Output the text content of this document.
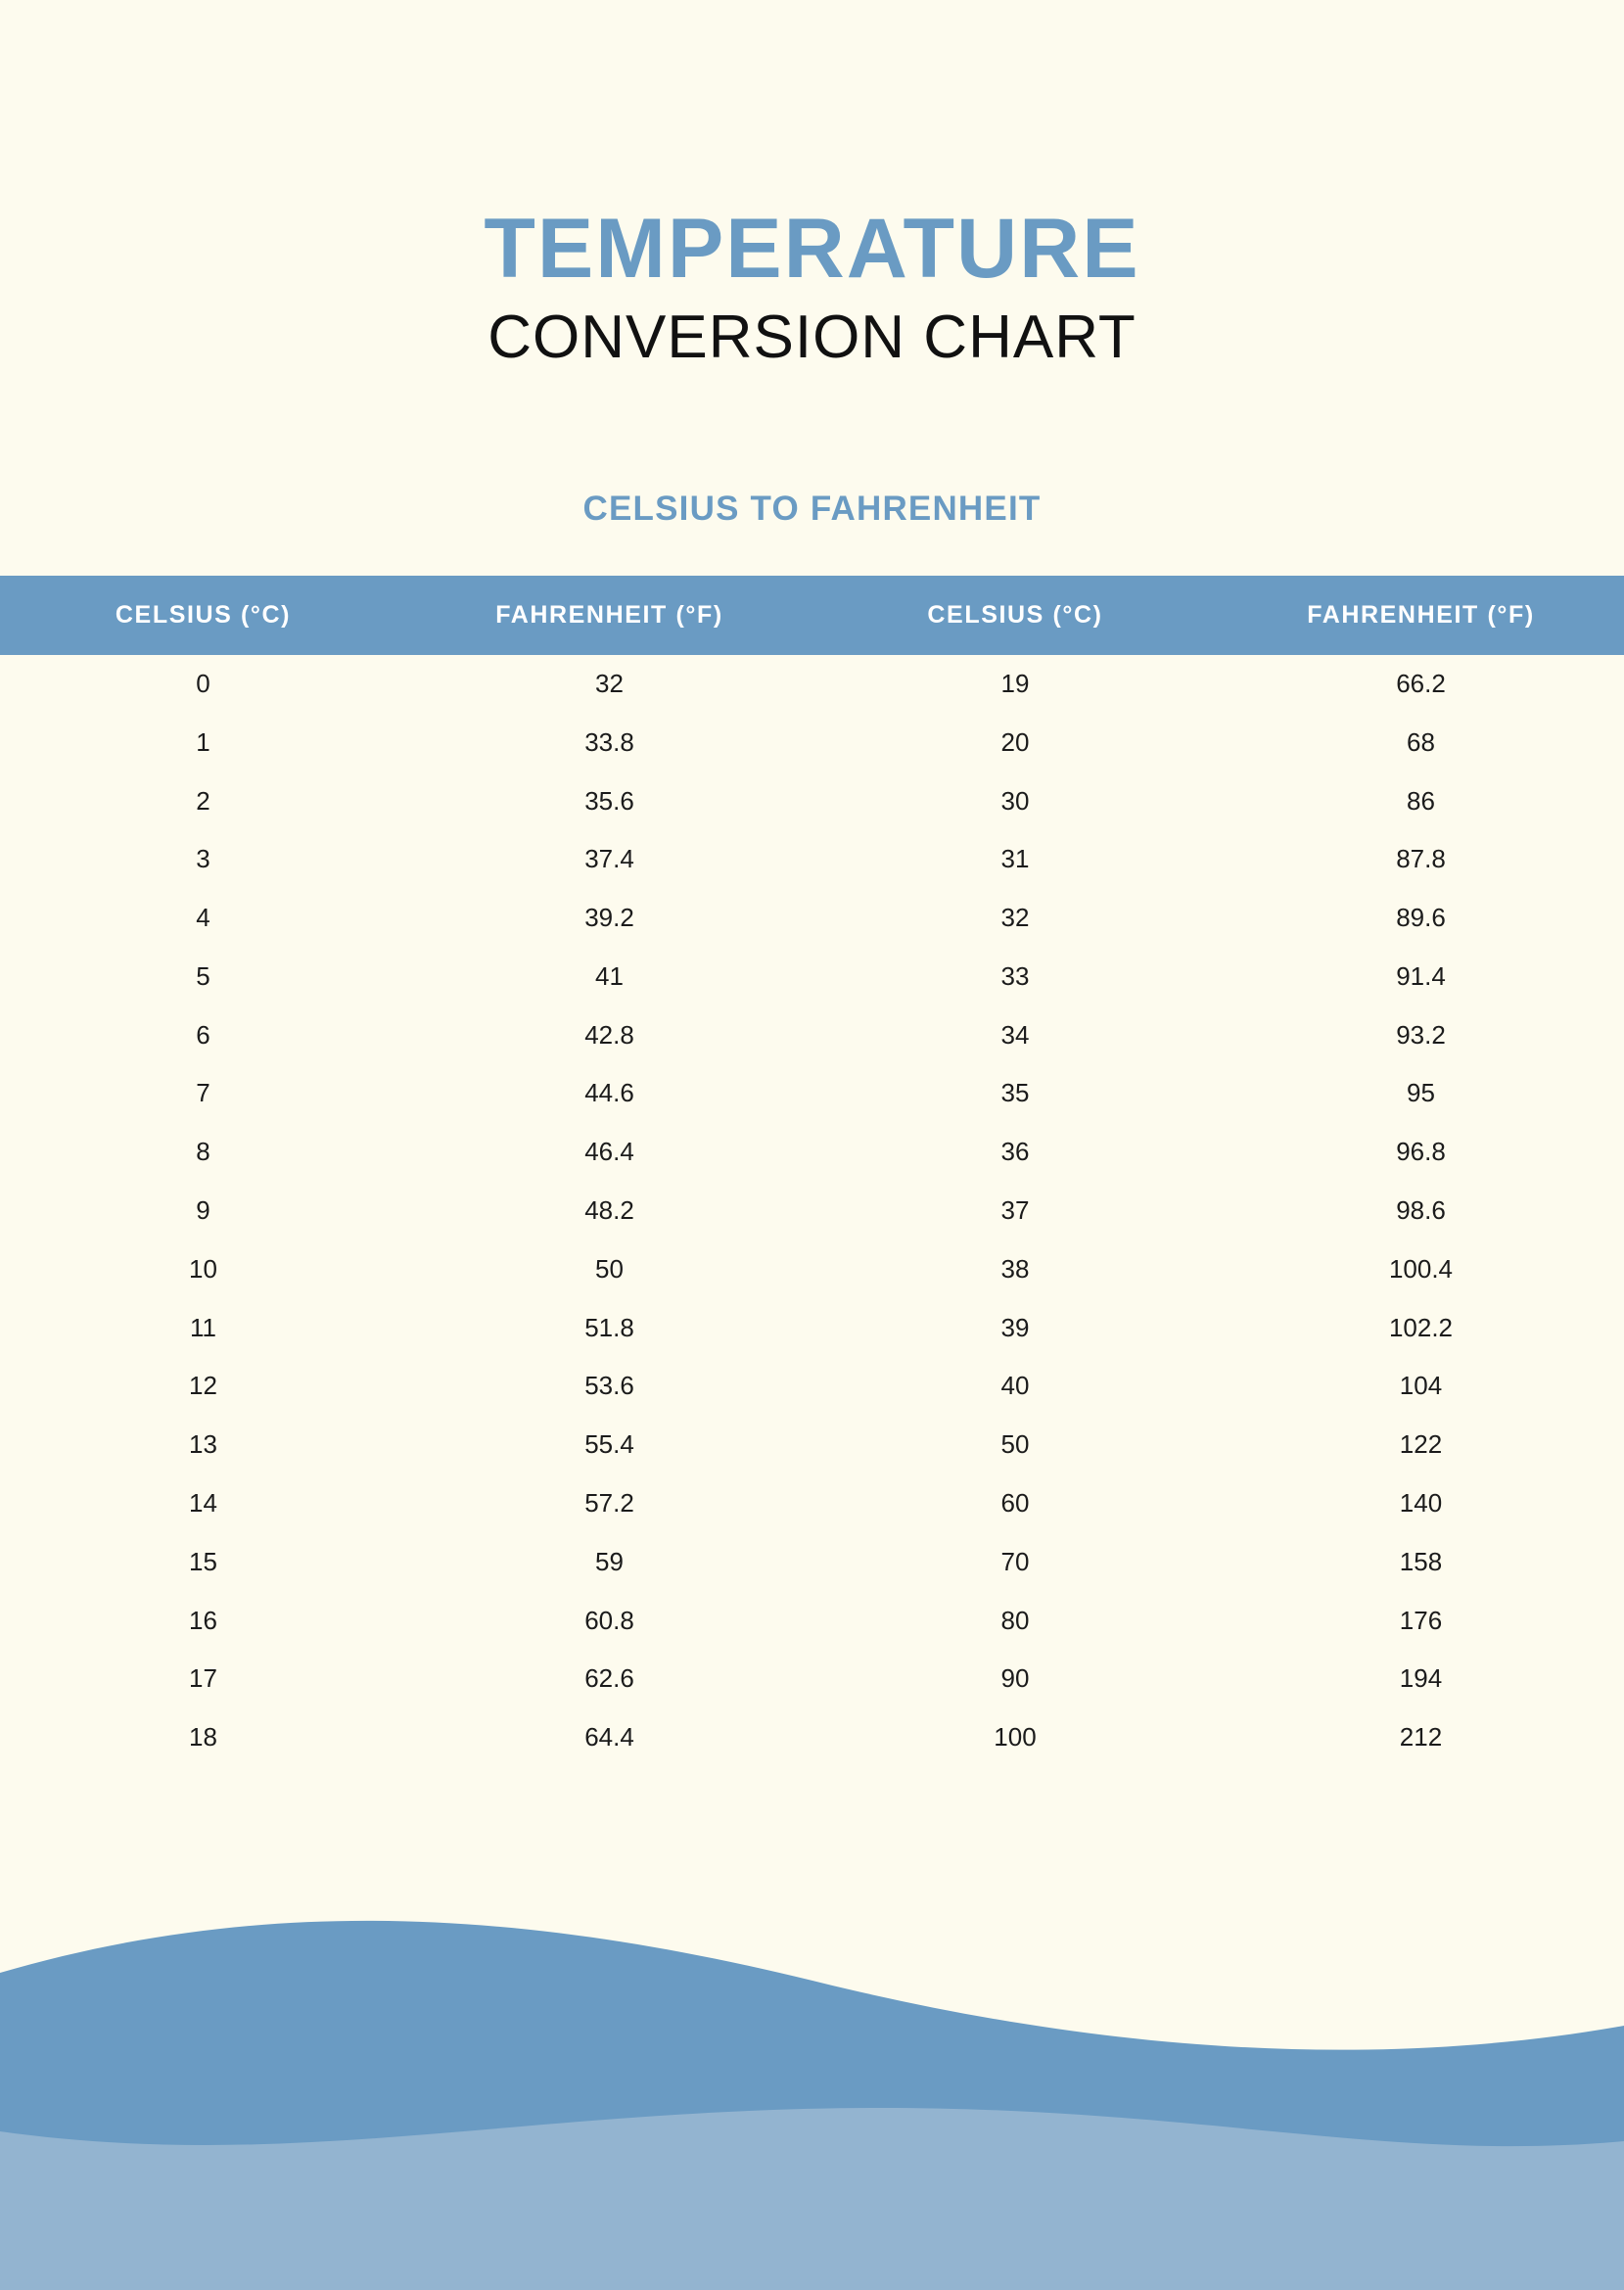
TEMPERATURE
CONVERSION CHART
CELSIUS TO FAHRENHEIT
CELSIUS (°C)	FAHRENHEIT (°F)	CELSIUS (°C)	FAHRENHEIT (°F)
0	32	19	66.2
1	33.8	20	68
2	35.6	30	86
3	37.4	31	87.8
4	39.2	32	89.6
5	41	33	91.4
6	42.8	34	93.2
7	44.6	35	95
8	46.4	36	96.8
9	48.2	37	98.6
10	50	38	100.4
11	51.8	39	102.2
12	53.6	40	104
13	55.4	50	122
14	57.2	60	140
15	59	70	158
16	60.8	80	176
17	62.6	90	194
18	64.4	100	212
